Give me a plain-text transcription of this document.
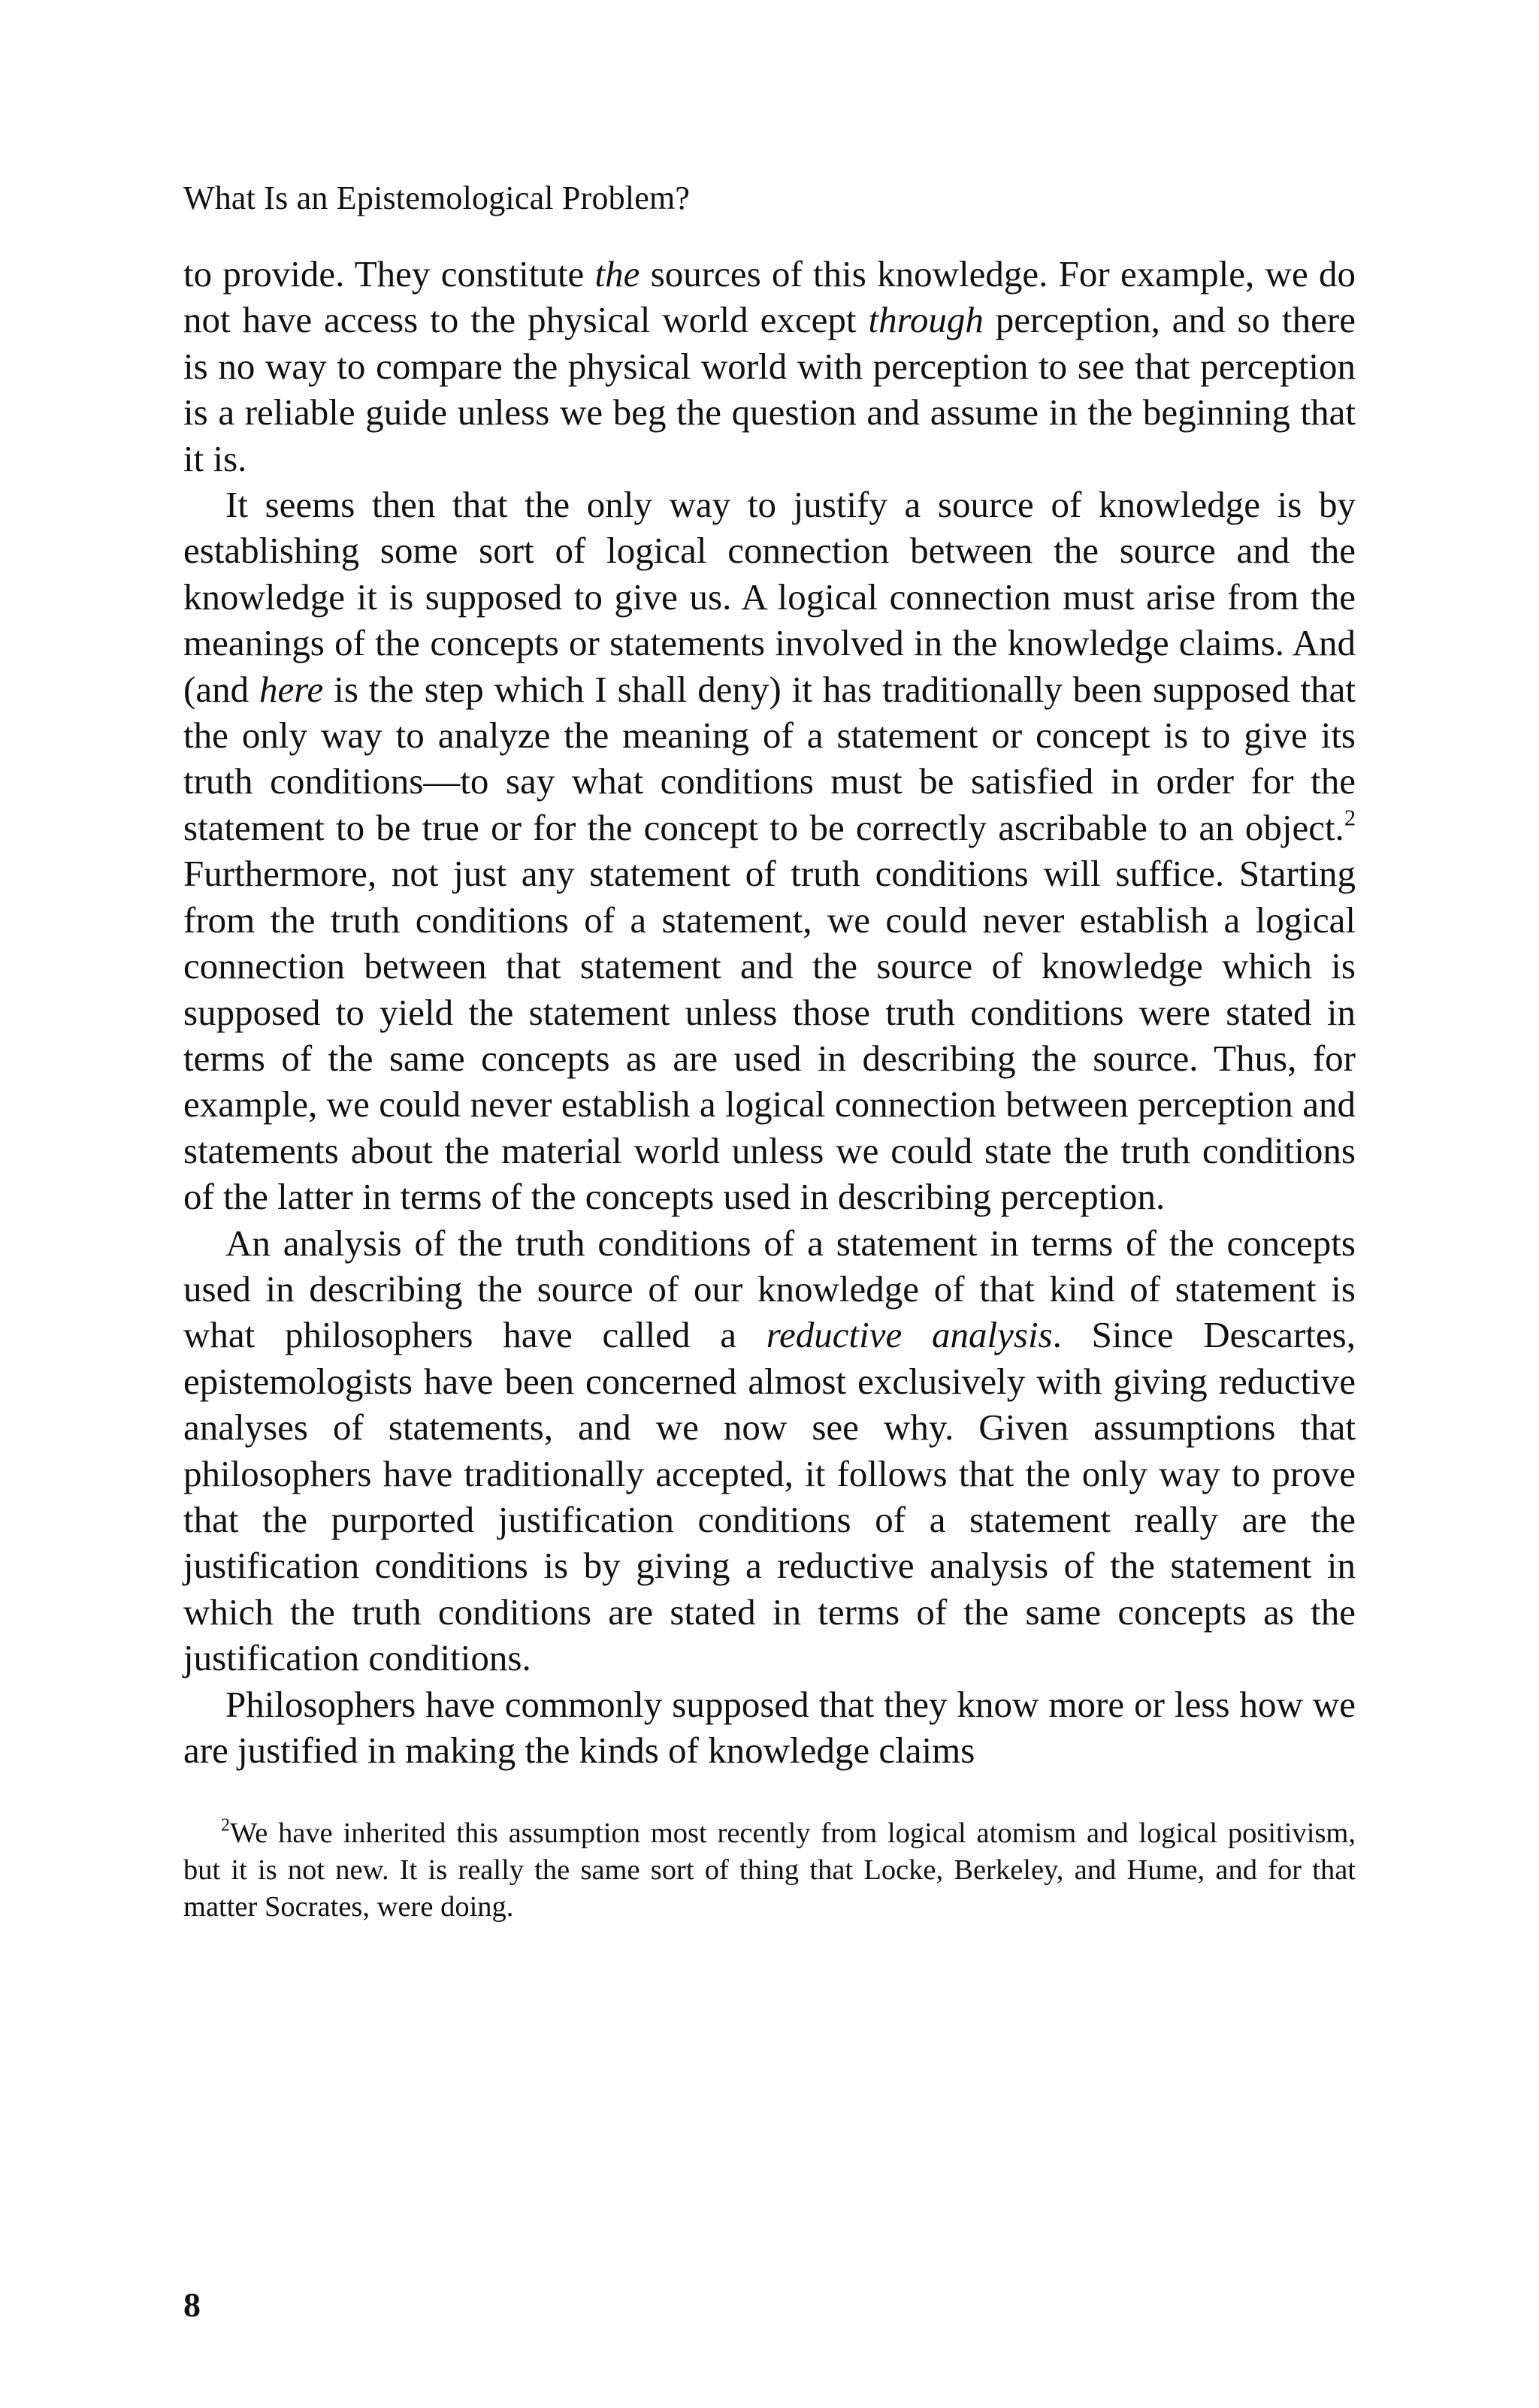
What Is an Epistemological Problem?

to provide. They constitute the sources of this knowledge. For example, we do not have access to the physical world except through perception, and so there is no way to compare the physical world with perception to see that perception is a reliable guide unless we beg the question and assume in the beginning that it is.

It seems then that the only way to justify a source of knowledge is by establishing some sort of logical connection between the source and the knowledge it is supposed to give us. A logical connection must arise from the meanings of the concepts or statements involved in the knowledge claims. And (and here is the step which I shall deny) it has traditionally been supposed that the only way to analyze the meaning of a statement or concept is to give its truth conditions—to say what conditions must be satisfied in order for the statement to be true or for the concept to be correctly ascribable to an object.$^2$ Furthermore, not just any statement of truth conditions will suffice. Starting from the truth conditions of a statement, we could never establish a logical connection between that statement and the source of knowledge which is supposed to yield the statement unless those truth conditions were stated in terms of the same concepts as are used in describing the source. Thus, for example, we could never establish a logical connection between perception and statements about the material world unless we could state the truth conditions of the latter in terms of the concepts used in describing perception.

An analysis of the truth conditions of a statement in terms of the concepts used in describing the source of our knowledge of that kind of statement is what philosophers have called a reductive analysis. Since Descartes, epistemologists have been concerned almost exclusively with giving reductive analyses of statements, and we now see why. Given assumptions that philosophers have traditionally accepted, it follows that the only way to prove that the purported justification conditions of a statement really are the justification conditions is by giving a reductive analysis of the statement in which the truth conditions are stated in terms of the same concepts as the justification conditions.

Philosophers have commonly supposed that they know more or less how we are justified in making the kinds of knowledge claims

$^2$We have inherited this assumption most recently from logical atomism and logical positivism, but it is not new. It is really the same sort of thing that Locke, Berkeley, and Hume, and for that matter Socrates, were doing.

8
